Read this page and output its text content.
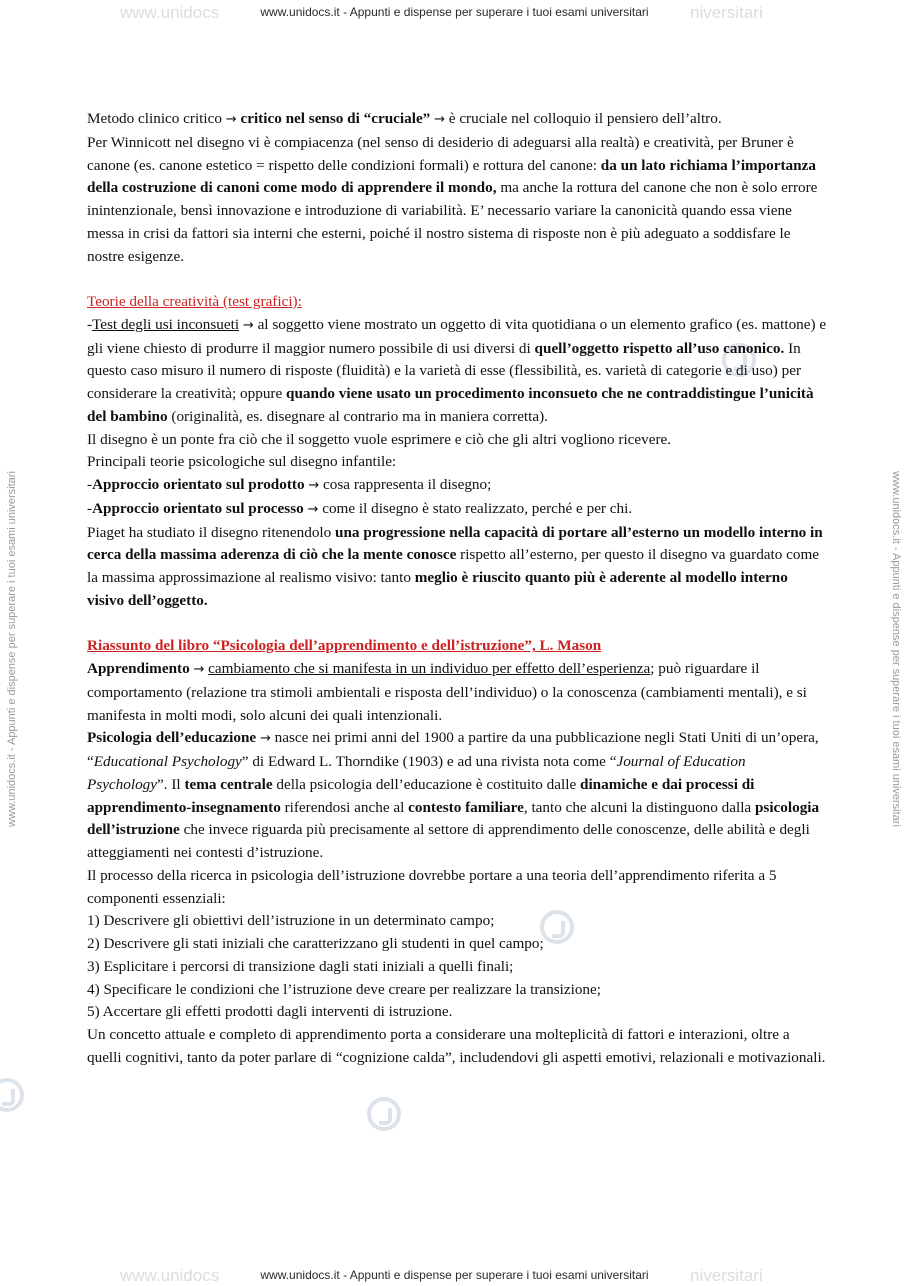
www.unidocs	niversitari
www.unidocs.it - Appunti e dispense per superare i tuoi esami universitari
www.unidocs	niversitari
www.unidocs.it - Appunti e dispense per superare i tuoi esami universitari
www.unidocs.it - Appunti e dispense per superare i tuoi esami universitari	www.unidocs.it - Appunti e dispense per superare i tuoi esami universitari

Metodo clinico critico → critico nel senso di “cruciale” → è cruciale nel colloquio il pensiero dell’altro.

Per Winnicott nel disegno vi è compiacenza (nel senso di desiderio di adeguarsi alla realtà) e creatività, per Bruner è canone (es. canone estetico = rispetto delle condizioni formali) e rottura del canone: da un lato richiama l’importanza della costruzione di canoni come modo di apprendere il mondo, ma anche la rottura del canone che non è solo errore inintenzionale, bensì innovazione e introduzione di variabilità. E’ necessario variare la canonicità quando essa viene messa in crisi da fattori sia interni che esterni, poiché il nostro sistema di risposte non è più adeguato a soddisfare le nostre esigenze.

Teorie della creatività (test grafici):

-Test degli usi inconsueti → al soggetto viene mostrato un oggetto di vita quotidiana o un elemento grafico (es. mattone) e gli viene chiesto di produrre il maggior numero possibile di usi diversi di quell’oggetto rispetto all’uso canonico. In questo caso misuro il numero di risposte (fluidità) e la varietà di esse (flessibilità, es. varietà di categorie e di uso) per considerare la creatività; oppure quando viene usato un procedimento inconsueto che ne contraddistingue l’unicità del bambino (originalità, es. disegnare al contrario ma in maniera corretta).

Il disegno è un ponte fra ciò che il soggetto vuole esprimere e ciò che gli altri vogliono ricevere.

Principali teorie psicologiche sul disegno infantile:

-Approccio orientato sul prodotto → cosa rappresenta il disegno;

-Approccio orientato sul processo → come il disegno è stato realizzato, perché e per chi.

Piaget ha studiato il disegno ritenendolo una progressione nella capacità di portare all’esterno un modello interno in cerca della massima aderenza di ciò che la mente conosce rispetto all’esterno, per questo il disegno va guardato come la massima approssimazione al realismo visivo: tanto meglio è riuscito quanto più è aderente al modello interno visivo dell’oggetto.

Riassunto del libro “Psicologia dell’apprendimento e dell’istruzione”, L. Mason

Apprendimento → cambiamento che si manifesta in un individuo per effetto dell’esperienza; può riguardare il comportamento (relazione tra stimoli ambientali e risposta dell’individuo) o la conoscenza (cambiamenti mentali), e si manifesta in molti modi, solo alcuni dei quali intenzionali.

Psicologia dell’educazione → nasce nei primi anni del 1900 a partire da una pubblicazione negli Stati Uniti di un’opera, “Educational Psychology” di Edward L. Thorndike (1903) e ad una rivista nota come “Journal of Education Psychology”. Il tema centrale della psicologia dell’educazione è costituito dalle dinamiche e dai processi di apprendimento-insegnamento riferendosi anche al contesto familiare, tanto che alcuni la distinguono dalla psicologia dell’istruzione che invece riguarda più precisamente al settore di apprendimento delle conoscenze, delle abilità e degli atteggiamenti nei contesti d’istruzione.

Il processo della ricerca in psicologia dell’istruzione dovrebbe portare a una teoria dell’apprendimento riferita a 5 componenti essenziali:

1) Descrivere gli obiettivi dell’istruzione in un determinato campo;

2) Descrivere gli stati iniziali che caratterizzano gli studenti in quel campo;

3) Esplicitare i percorsi di transizione dagli stati iniziali a quelli finali;

4) Specificare le condizioni che l’istruzione deve creare per realizzare la transizione;

5) Accertare gli effetti prodotti dagli interventi di istruzione.

Un concetto attuale e completo di apprendimento porta a considerare una molteplicità di fattori e interazioni, oltre a quelli cognitivi, tanto da poter parlare di “cognizione calda”, includendovi gli aspetti emotivi, relazionali e motivazionali.
